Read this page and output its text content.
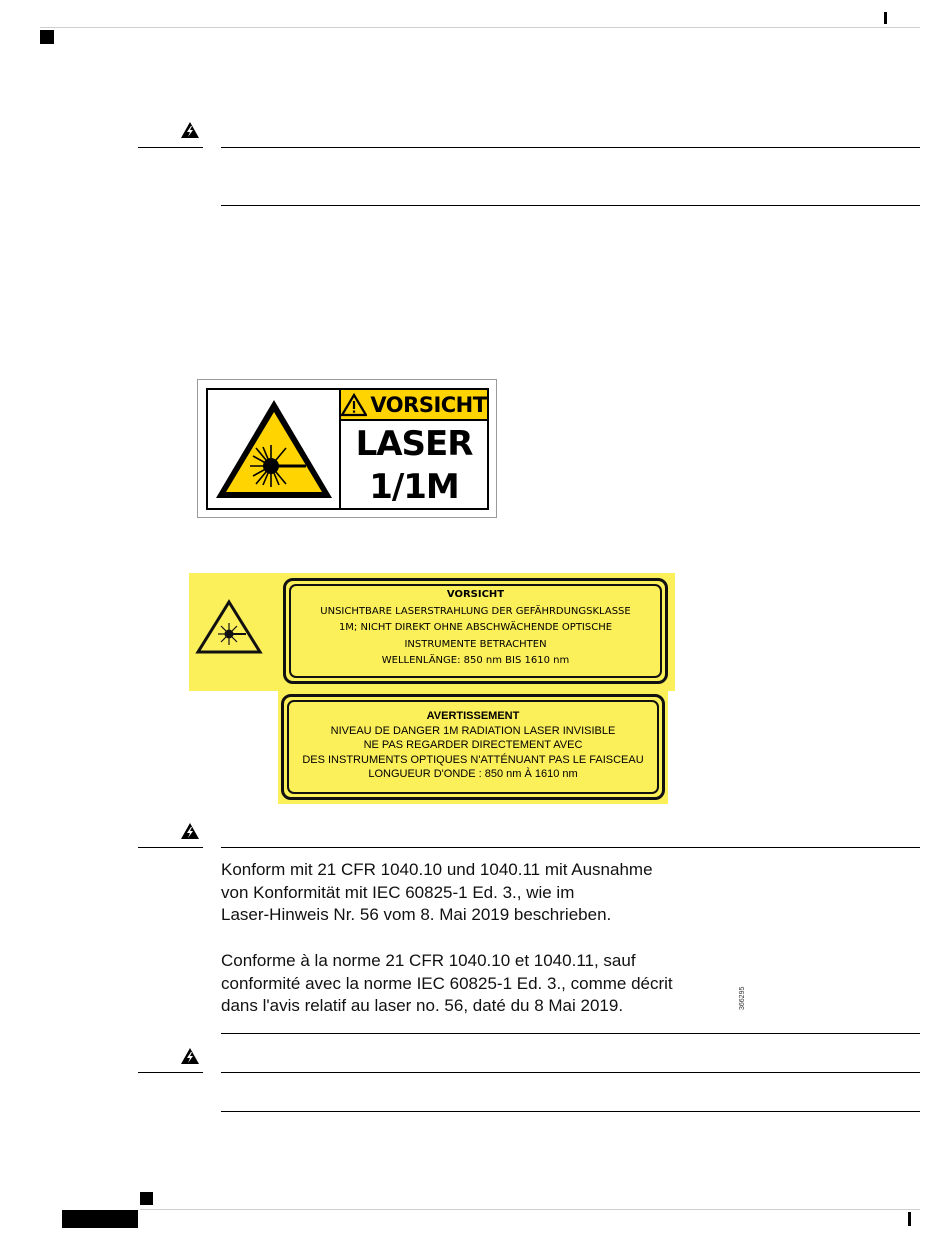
VORSICHT
LASER
1/1M
VORSICHT
UNSICHTBARE LASERSTRAHLUNG DER GEFÄHRDUNGSKLASSE
1M; NICHT DIREKT OHNE ABSCHWÄCHENDE OPTISCHE
INSTRUMENTE BETRACHTEN
WELLENLÄNGE: 850 nm BIS 1610 nm
AVERTISSEMENT
NIVEAU DE DANGER 1M RADIATION LASER INVISIBLE
NE PAS REGARDER DIRECTEMENT AVEC
DES INSTRUMENTS OPTIQUES N'ATTÉNUANT PAS LE FAISCEAU
LONGUEUR D'ONDE : 850 nm À 1610 nm
Konform mit 21 CFR 1040.10 und 1040.11 mit Ausnahme
von Konformität mit IEC 60825-1 Ed. 3., wie im
Laser-Hinweis Nr. 56 vom 8. Mai 2019 beschrieben.
Conforme à la norme 21 CFR 1040.10 et 1040.11, sauf
conformité avec la norme IEC 60825-1 Ed. 3., comme décrit
dans l'avis relatif au laser no. 56, daté du 8 Mai 2019.	366295
